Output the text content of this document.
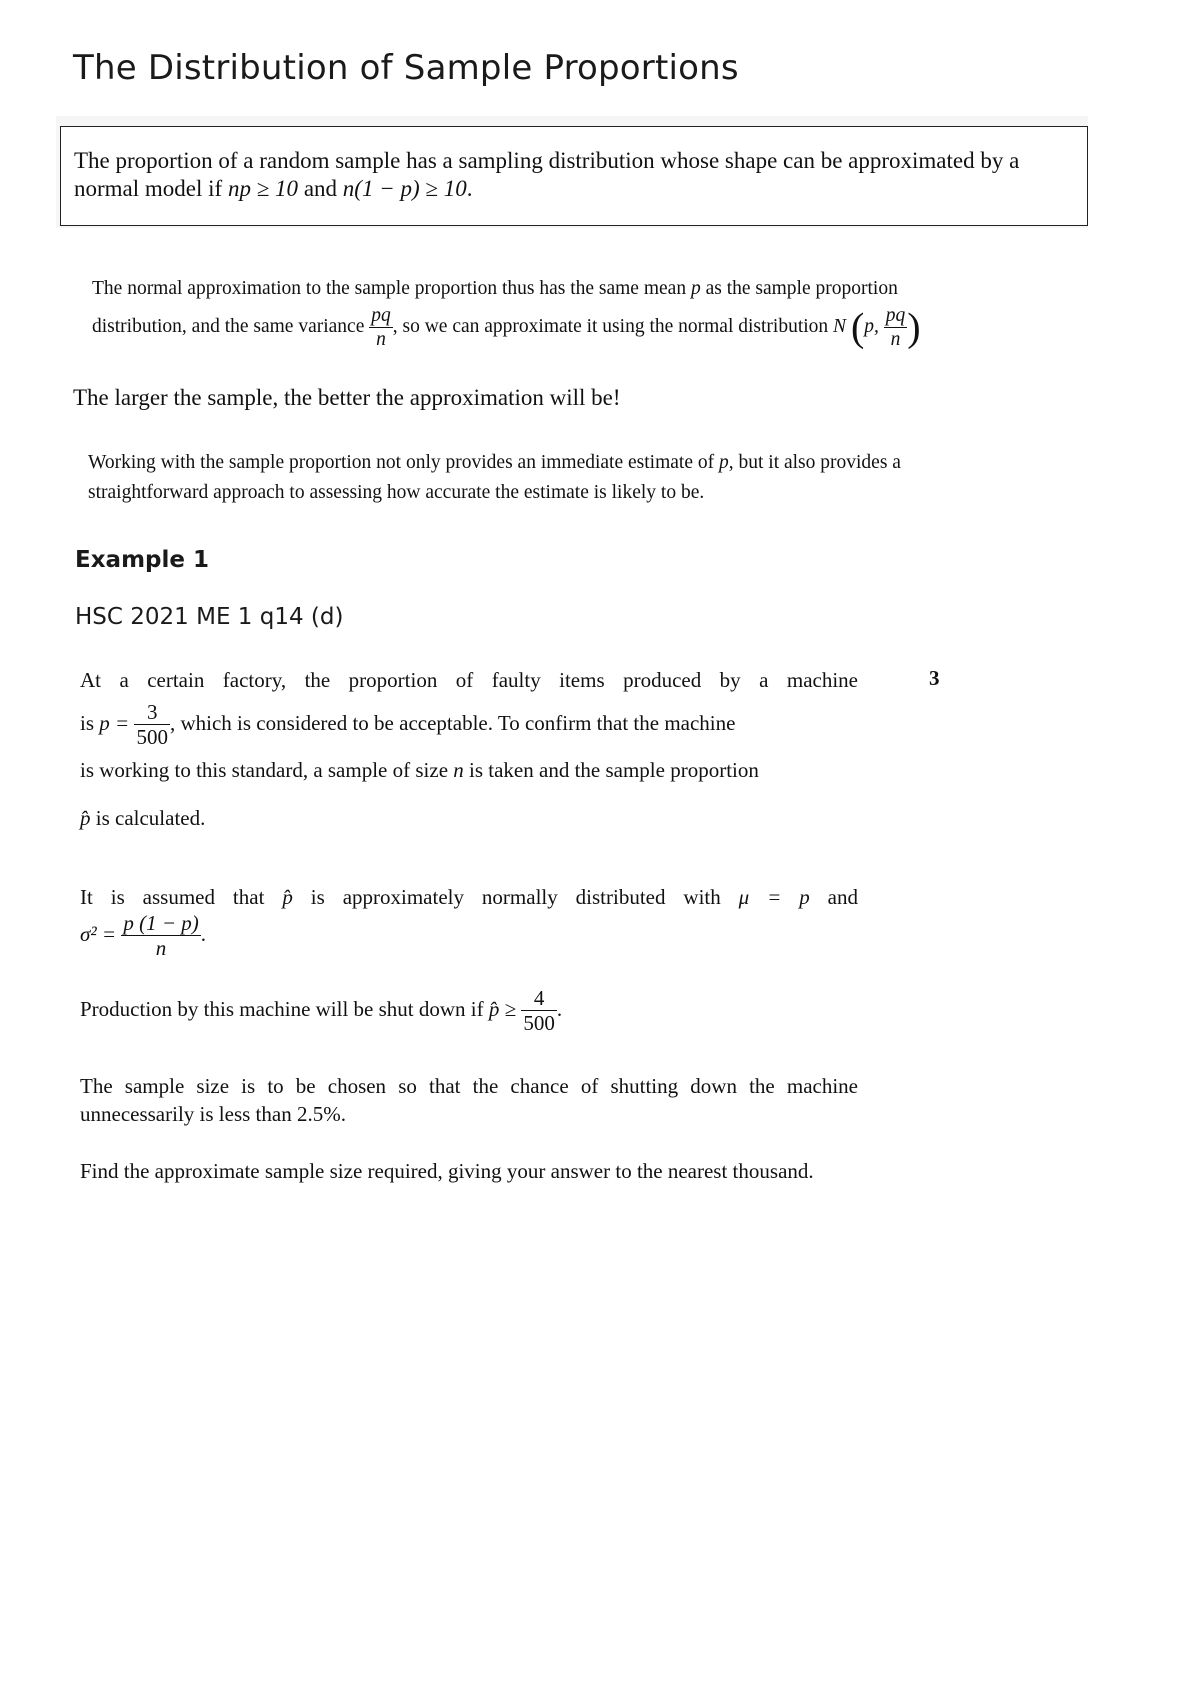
The Distribution of Sample Proportions
The proportion of a random sample has a sampling distribution whose shape can be approximated by a normal model if np ≥ 10 and n(1 − p) ≥ 10.
The normal approximation to the sample proportion thus has the same mean p as the sample proportion
distribution, and the same variance $\frac{pq}{n}$ , so we can approximate it using the normal distribution N (p, $\frac{pq}{n}$ )
The larger the sample, the better the approximation will be!
Working with the sample proportion not only provides an immediate estimate of p, but it also provides a
straightforward approach to assessing how accurate the estimate is likely to be.
Example 1
HSC 2021 ME 1 q14 (d)
3
At a certain factory, the proportion of faulty items produced by a machine
is $p = \frac{3}{500}$ , which is considered to be acceptable. To confirm that the machine
is working to this standard, a sample of size n is taken and the sample proportion
p̂ is calculated.
It is assumed that p̂ is approximately normally distributed with μ = p and
$\sigma^2 = \frac{p (1 - p)}{n}$ .
Production by this machine will be shut down if p̂ ≥ $\frac{4}{500}$ .
The sample size is to be chosen so that the chance of shutting down the machine unnecessarily is less than 2.5%.
Find the approximate sample size required, giving your answer to the nearest thousand.
